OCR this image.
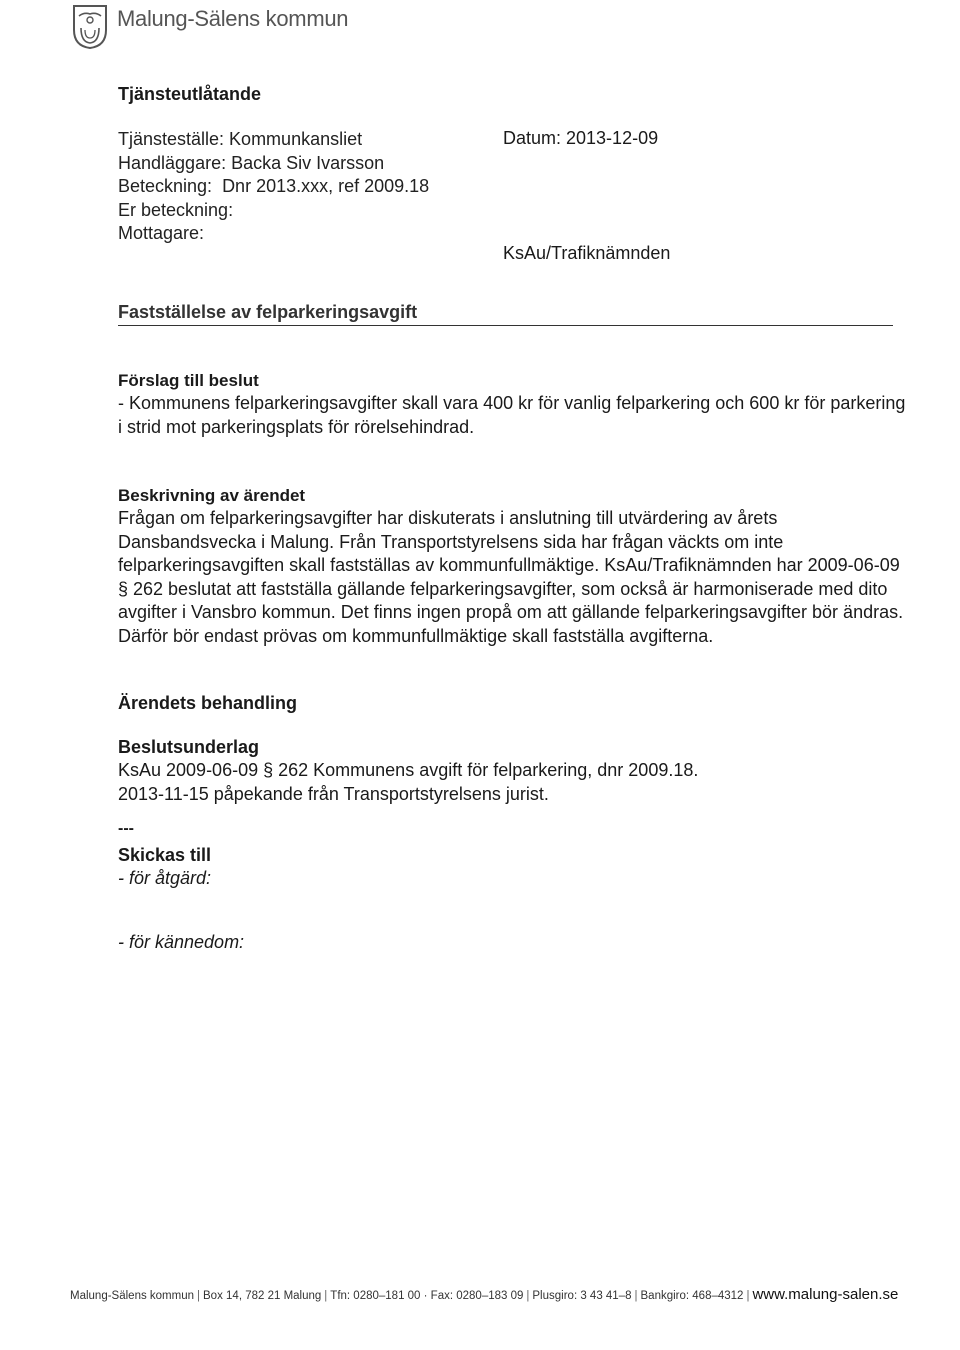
Malung-Sälens kommun
Tjänsteutlåtande
Tjänsteställe: Kommunkansliet
Handläggare: Backa Siv Ivarsson
Beteckning:  Dnr 2013.xxx, ref 2009.18
Er beteckning:
Mottagare:
Datum: 2013-12-09
KsAu/Trafiknämnden
Fastställelse av felparkeringsavgift
Förslag till beslut

- Kommunens felparkeringsavgifter skall vara 400 kr för vanlig felparkering och 600 kr för parkering i strid mot parkeringsplats för rörelsehindrad.

Beskrivning av ärendet

Frågan om felparkeringsavgifter har diskuterats i anslutning till utvärdering av årets Dansbandsvecka i Malung. Från Transportstyrelsens sida har frågan väckts om inte felparkeringsavgiften skall fastställas av kommunfullmäktige. KsAu/Trafiknämnden har 2009-06-09 § 262 beslutat att fastställa gällande felparkeringsavgifter, som också är harmoniserade med dito avgifter i Vansbro kommun. Det finns ingen propå om att gällande felparkeringsavgifter bör ändras. Därför bör endast prövas om kommunfullmäktige skall fastställa avgifterna.

Ärendets behandling
Beslutsunderlag

KsAu 2009-06-09 § 262 Kommunens avgift för felparkering, dnr 2009.18.

2013-11-15 påpekande från Transportstyrelsens jurist.

---
Skickas till
- för åtgärd:
- för kännedom:
Malung-Sälens kommun | Box 14, 782 21 Malung | Tfn: 0280–181 00 · Fax: 0280–183 09 | Plusgiro: 3 43 41–8 | Bankgiro: 468–4312 | www.malung-salen.se
